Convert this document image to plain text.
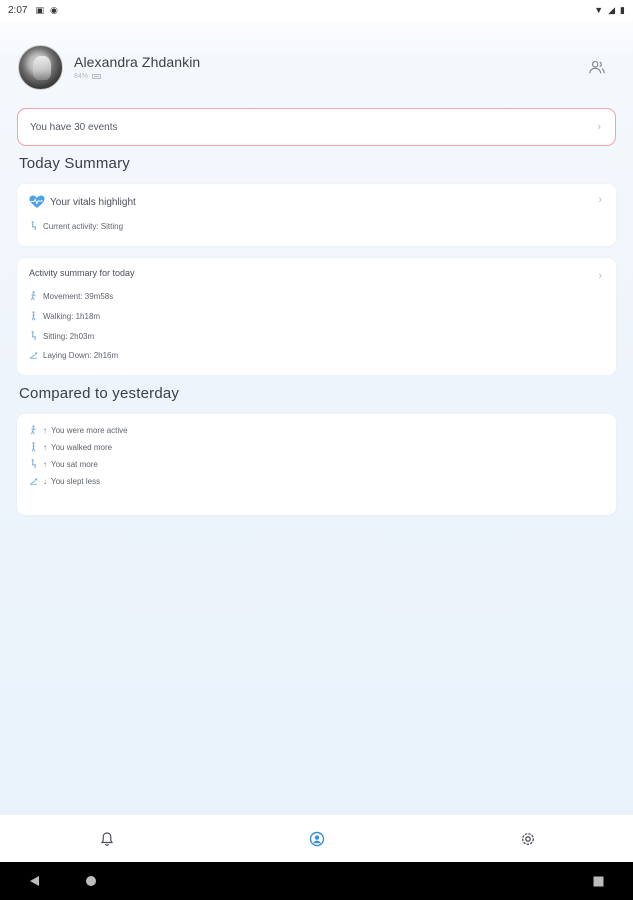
2:07 ▣ ◉	▼ ◢ ▮
Alexandra Zhdankin
84%
You have 30 events	›
Today Summary
Your vitals highlight	›
Current activity: Sitting
Activity summary for today	›
Movement: 39m58s
Walking: 1h18m
Sitting: 2h03m
Laying Down: 2h16m
Compared to yesterday
↑ You were more active
↑ You walked more
↑ You sat more
↓ You slept less
